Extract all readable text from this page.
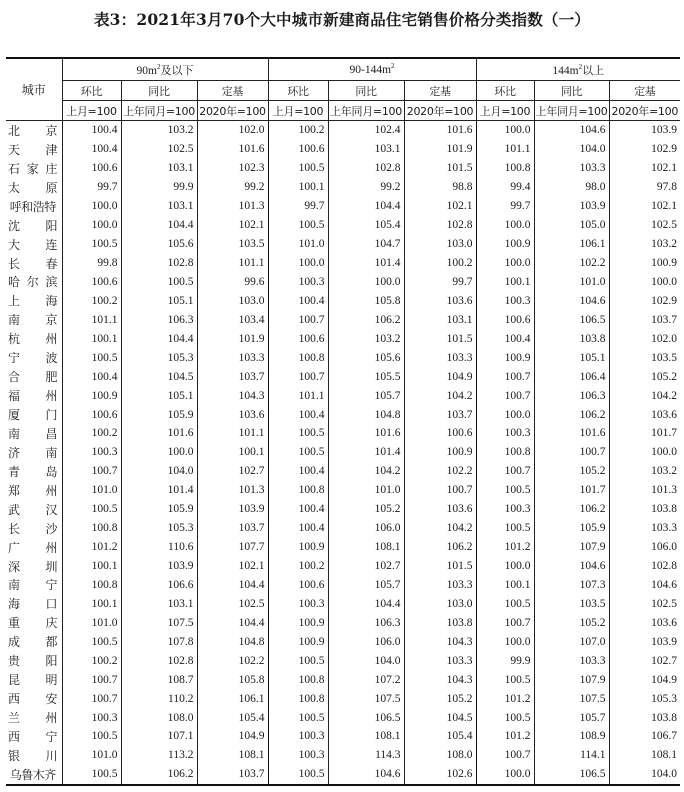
表3：2021年3月70个大中城市新建商品住宅销售价格分类指数（一）
城市	$90m^2$及以下			$90-144m^2$			$144m^2$以上		
	环比	同比	定基	环比	同比	定基	环比	同比	定基
	上月=100	上年同月=100	2020年=100	上月=100	上年同月=100	2020年=100	上月=100	上年同月=100	2020年=100
北　京	100.4	103.2	102.0	100.2	102.4	101.6	100.0	104.6	103.9
天　津	100.4	102.5	101.6	100.6	103.1	101.9	101.1	104.0	102.9
石家庄	100.6	103.1	102.3	100.5	102.8	101.5	100.8	103.3	102.1
太　原	99.7	99.9	99.2	100.1	99.2	98.8	99.4	98.0	97.8
呼和浩特	100.0	103.1	101.3	99.7	104.4	102.1	99.7	103.9	102.1
沈　阳	100.0	104.4	102.1	100.5	105.4	102.8	100.0	105.0	102.5
大　连	100.5	105.6	103.5	101.0	104.7	103.0	100.9	106.1	103.2
长　春	99.8	102.8	101.1	100.0	101.4	100.2	100.0	102.2	100.9
哈尔滨	100.6	100.5	99.6	100.3	100.0	99.7	100.1	101.0	100.0
上　海	100.2	105.1	103.0	100.4	105.8	103.6	100.3	104.6	102.9
南　京	101.1	106.3	103.4	100.7	106.2	103.1	100.6	106.5	103.7
杭　州	100.1	104.4	101.9	100.6	103.2	101.5	100.4	103.8	102.0
宁　波	100.5	105.3	103.3	100.8	105.6	103.3	100.9	105.1	103.5
合　肥	100.4	104.5	103.7	100.7	105.5	104.9	100.7	106.4	105.2
福　州	100.9	105.1	104.3	101.1	105.7	104.2	100.7	106.3	104.2
厦　门	100.6	105.9	103.6	100.4	104.8	103.7	100.0	106.2	103.6
南　昌	100.2	101.6	101.1	100.5	101.6	100.6	100.3	101.6	101.7
济　南	100.3	100.0	100.1	100.5	101.4	100.9	100.8	100.7	100.0
青　岛	100.7	104.0	102.7	100.4	104.2	102.2	100.7	105.2	103.2
郑　州	101.0	101.4	101.3	100.8	101.0	100.7	100.5	101.7	101.3
武　汉	100.5	105.9	103.9	100.4	105.2	103.6	100.3	106.2	103.8
长　沙	100.8	105.3	103.7	100.4	106.0	104.2	100.5	105.9	103.3
广　州	101.2	110.6	107.7	100.9	108.1	106.2	101.2	107.9	106.0
深　圳	100.1	103.9	102.1	100.2	102.7	101.5	100.0	104.6	102.8
南　宁	100.8	106.6	104.4	100.6	105.7	103.3	100.1	107.3	104.6
海　口	100.1	103.1	102.5	100.3	104.4	103.0	100.5	103.5	102.5
重　庆	101.0	107.5	104.4	100.9	106.3	103.8	100.7	105.2	103.6
成　都	100.5	107.8	104.8	100.9	106.0	104.3	100.0	107.0	103.9
贵　阳	100.2	102.8	102.2	100.5	104.0	103.3	99.9	103.3	102.7
昆　明	100.7	108.7	105.8	100.8	107.2	104.3	100.5	107.9	104.9
西　安	100.7	110.2	106.1	100.8	107.5	105.2	101.2	107.5	105.3
兰　州	100.3	108.0	105.4	100.5	106.5	104.5	100.5	105.7	103.8
西　宁	100.5	107.1	104.9	100.3	108.1	105.4	101.2	108.9	106.7
银　川	101.0	113.2	108.1	100.3	114.3	108.0	100.7	114.1	108.1
乌鲁木齐	100.5	106.2	103.7	100.5	104.6	102.6	100.0	106.5	104.0
